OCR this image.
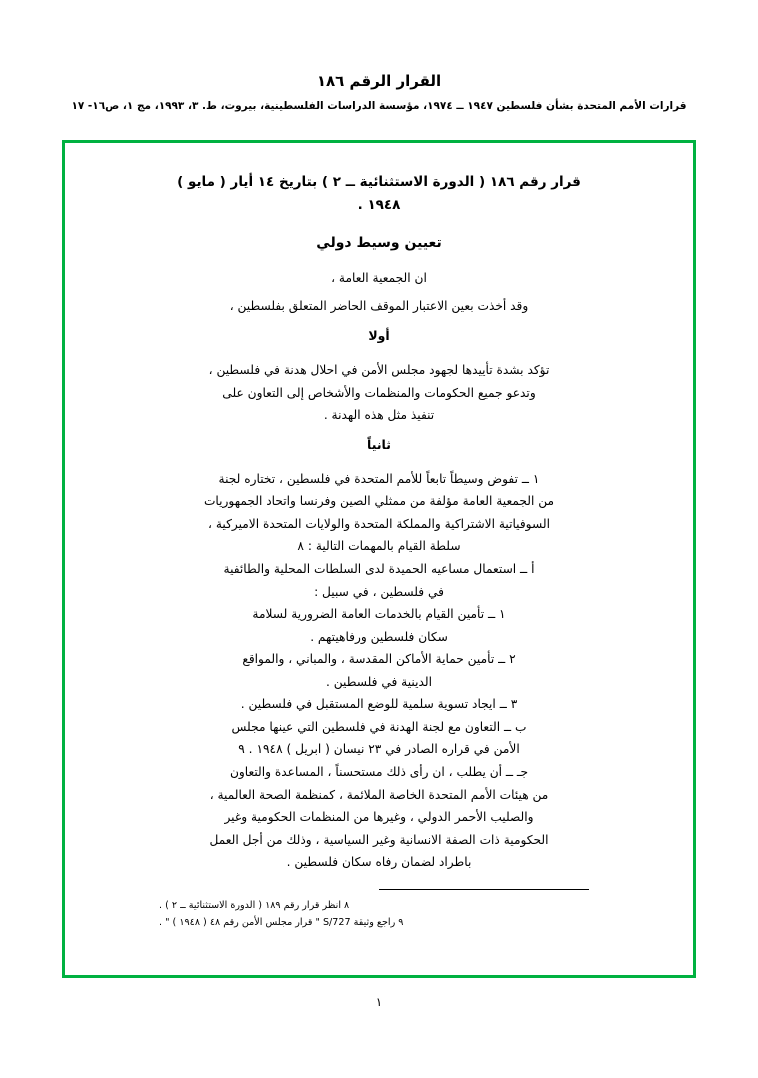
القرار الرقم ١٨٦
قرارات الأمم المتحدة بشأن فلسطين ١٩٤٧ ــ ١٩٧٤، مؤسسة الدراسات الفلسطينية، بيروت، ط. ٣، ١٩٩٣، مج ١، ص١٦- ١٧
قرار رقم ١٨٦ ( الدورة الاستثنائية ــ ٢ ) بتاريخ ١٤ أيار ( مايو )
١٩٤٨ .
تعيين وسيط دولي

ان الجمعية العامة ،

وقد أخذت بعين الاعتبار الموقف الحاضر المتعلق بفلسطين ،

أولا

تؤكد بشدة تأييدها لجهود مجلس الأمن في احلال هدنة في فلسطين ،

وتدعو جميع الحكومات والمنظمات والأشخاص إلى التعاون على

تنفيذ مثل هذه الهدنة .

ثانياً

١ ــ تفوض وسيطاً تابعاً للأمم المتحدة في فلسطين ، تختاره لجنة

من الجمعية العامة مؤلفة من ممثلي الصين وفرنسا واتحاد الجمهوريات

السوفياتية الاشتراكية والمملكة المتحدة والولايات المتحدة الاميركية ،

سلطة القيام بالمهمات التالية : ٨

أ ــ استعمال مساعيه الحميدة لدى السلطات المحلية والطائفية

في فلسطين ، في سبيل :

١ ــ تأمين القيام بالخدمات العامة الضرورية لسلامة

سكان فلسطين ورفاهيتهم .

٢ ــ تأمين حماية الأماكن المقدسة ، والمباني ، والمواقع

الدينية في فلسطين .

٣ ــ ايجاد تسوية سلمية للوضع المستقبل في فلسطين .

ب ــ التعاون مع لجنة الهدنة في فلسطين التي عينها مجلس

الأمن في قراره الصادر في ٢٣ نيسان ( ابريل ) ١٩٤٨ . ٩

جـ ــ أن يطلب ، ان رأى ذلك مستحسناً ، المساعدة والتعاون

من هيئات الأمم المتحدة الخاصة الملائمة ، كمنظمة الصحة العالمية ،

والصليب الأحمر الدولي ، وغيرها من المنظمات الحكومية وغير

الحكومية ذات الصفة الانسانية وغير السياسية ، وذلك من أجل العمل

باطراد لضمان رفاه سكان فلسطين .

٨ انظر قرار رقم ١٨٩ ( الدورة الاستثنائية ــ ٢ ) .
٩ راجع وثيقة S/727 " قرار مجلس الأمن رقم ٤٨ ( ١٩٤٨ ) " .
١
